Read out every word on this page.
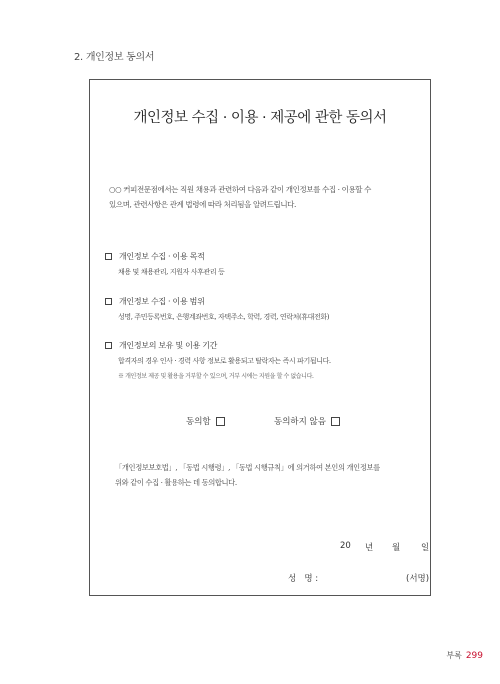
2. 개인정보 동의서
개인정보 수집 · 이용 · 제공에 관한 동의서
○○ 커피전문점에서는 직원 채용과 관련하여 다음과 같이 개인정보를 수집 · 이용할 수
있으며, 관련사항은 관계 법령에 따라 처리됨을 알려드립니다.
개인정보 수집 · 이용 목적
채용 및 채용관리, 지원자 사후관리 등
개인정보 수집 · 이용 범위
성명, 주민등록번호, 은행계좌번호, 자택주소, 학력, 경력, 연락처(휴대전화)
개인정보의 보유 및 이용 기간
합격자의 경우 인사 · 경력 사항 정보로 활용되고 탈락자는 즉시 파기됩니다.
※ 개인정보 제공 및 활용을 거부할 수 있으며, 거부 시에는 지원을 할 수 없습니다.
동의함	동의하지 않음
「개인정보보호법」, 「동법 시행령」, 「동법 시행규칙」에 의거하여 본인의 개인정보를
위와 같이 수집 · 활용하는 데 동의합니다.
20 년 월 일
성   명 :	(서명)
부록 299
